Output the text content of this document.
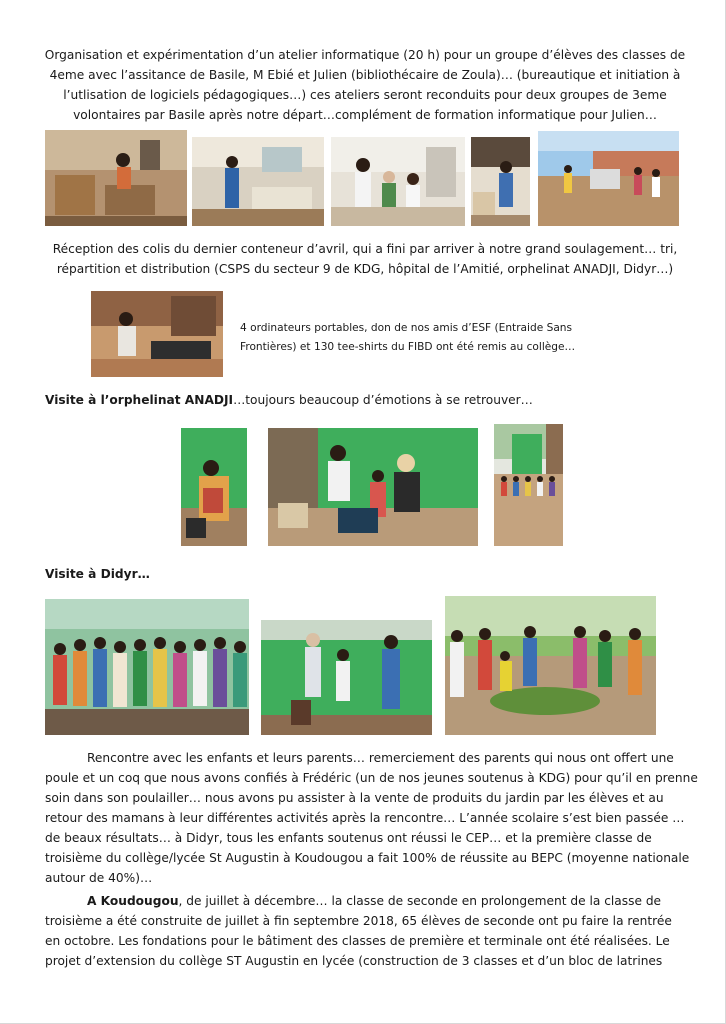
Organisation et expérimentation d’un atelier informatique (20 h) pour un groupe d’élèves des classes de
4eme avec l’assitance de Basile, M Ebié et Julien (bibliothécaire de Zoula)… (bureautique et initiation à
l’utlisation de logiciels pédagogiques…) ces ateliers seront reconduits pour deux groupes de 3eme
volontaires par Basile après notre départ…complément de formation informatique pour Julien…
Réception des colis du dernier conteneur d’avril, qui a fini par arriver à notre grand soulagement… tri,
répartition et distribution (CSPS du secteur 9 de KDG, hôpital de l’Amitié, orphelinat ANADJI, Didyr…)
4 ordinateurs portables, don de nos amis d’ESF (Entraide Sans
Frontières) et 130 tee-shirts du FIBD ont été remis au collège…
Visite à l’orphelinat ANADJI…toujours beaucoup d’émotions à se retrouver…
Visite à Didyr…
Rencontre avec les enfants et leurs parents… remerciement des parents qui nous ont offert une
poule et un coq que nous avons confiés à Frédéric (un de nos jeunes soutenus à KDG) pour qu’il en prenne
soin dans son poulailler… nous avons pu assister à la vente de produits du jardin par les élèves et au
retour des mamans à leur différentes activités après la rencontre… L’année scolaire s’est bien passée …
de beaux résultats… à Didyr, tous les enfants soutenus ont réussi le CEP… et la première classe de
troisième du collège/lycée St Augustin à Koudougou a fait 100% de réussite au BEPC (moyenne nationale
autour de 40%)…
A Koudougou, de juillet à décembre… la classe de seconde en prolongement de la classe de
troisième a été construite de juillet à fin septembre 2018, 65 élèves de seconde ont pu faire la rentrée
en octobre. Les fondations pour le bâtiment des classes de première et terminale ont été réalisées. Le
projet d’extension du collège ST Augustin en lycée (construction de 3 classes et d’un bloc de latrines
